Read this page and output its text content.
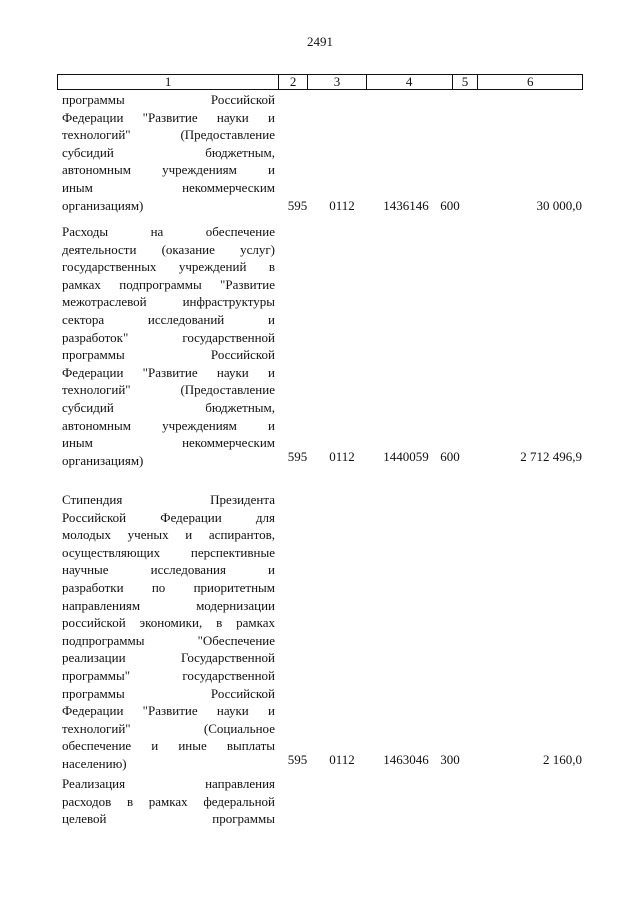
2491
1	2	3	4	5	6
программы Российской
Федерации "Развитие науки и
технологий" (Предоставление
субсидий бюджетным,
автономным учреждениям и
иным некоммерческим
организациям)	595	0112	1436146 600	30 000,0
Расходы на обеспечение
деятельности (оказание услуг)
государственных учреждений в
рамках подпрограммы "Развитие
межотраслевой инфраструктуры
сектора исследований и
разработок" государственной
программы Российской
Федерации "Развитие науки и
технологий" (Предоставление
субсидий бюджетным,
автономным учреждениям и
иным некоммерческим
организациям)	595	0112	1440059 600	2 712 496,9
Стипендия Президента
Российской Федерации для
молодых ученых и аспирантов,
осуществляющих перспективные
научные исследования и
разработки по приоритетным
направлениям модернизации
российской экономики, в рамках
подпрограммы "Обеспечение
реализации Государственной
программы" государственной
программы Российской
Федерации "Развитие науки и
технологий" (Социальное
обеспечение и иные выплаты
населению)	595	0112	1463046 300	2 160,0
Реализация направления
расходов в рамках федеральной
целевой программы
